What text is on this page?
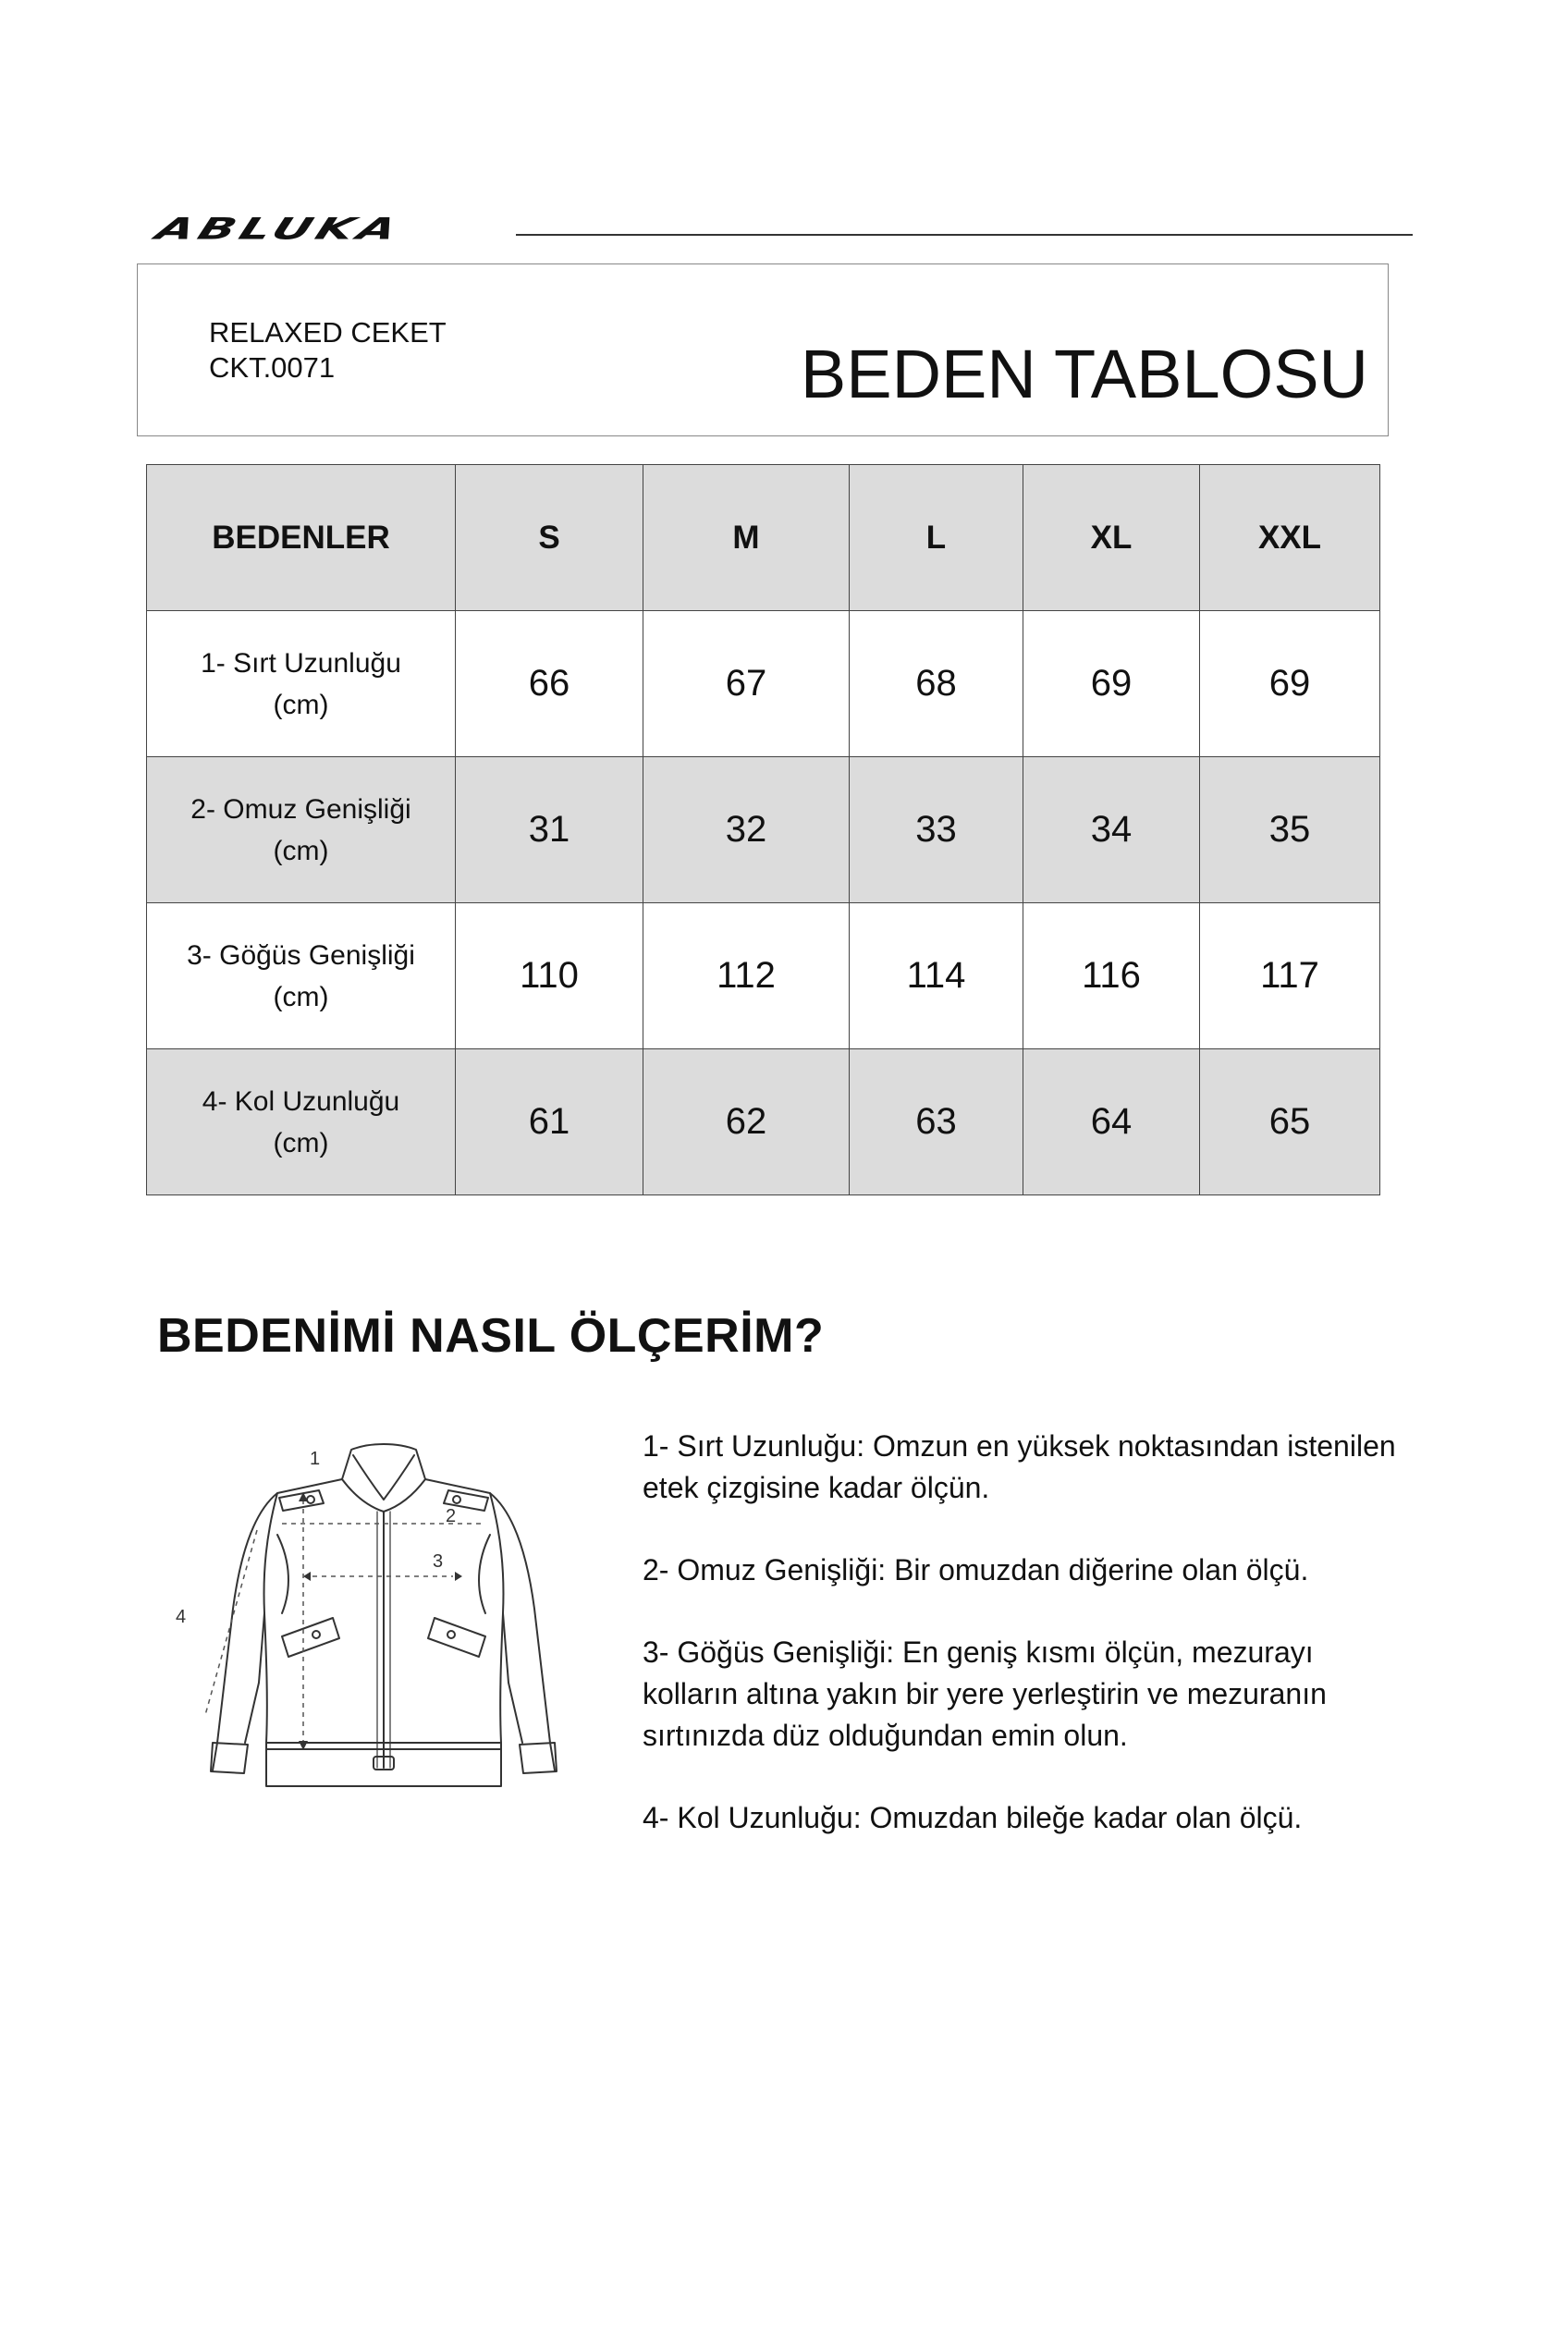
ABLUKA
RELAXED CEKET
CKT.0071	BEDEN TABLOSU
BEDENLER	S	M	L	XL	XXL

1- Sırt Uzunluğu
(cm)	66	67	68	69	69

2- Omuz Genişliği
(cm)	31	32	33	34	35

3- Göğüs Genişliği
(cm)	110	112	114	116	117

4- Kol Uzunluğu
(cm)	61	62	63	64	65
BEDENİMİ NASIL ÖLÇERİM?
1
2
3
4

1- Sırt Uzunluğu: Omzun en yüksek noktasından istenilen etek çizgisine kadar ölçün.

2- Omuz Genişliği: Bir omuzdan diğerine olan ölçü.

3- Göğüs Genişliği: En geniş kısmı ölçün, mezurayı kolların altına yakın bir yere yerleştirin ve mezuranın sırtınızda düz olduğundan emin olun.

4- Kol Uzunluğu: Omuzdan bileğe kadar olan ölçü.
